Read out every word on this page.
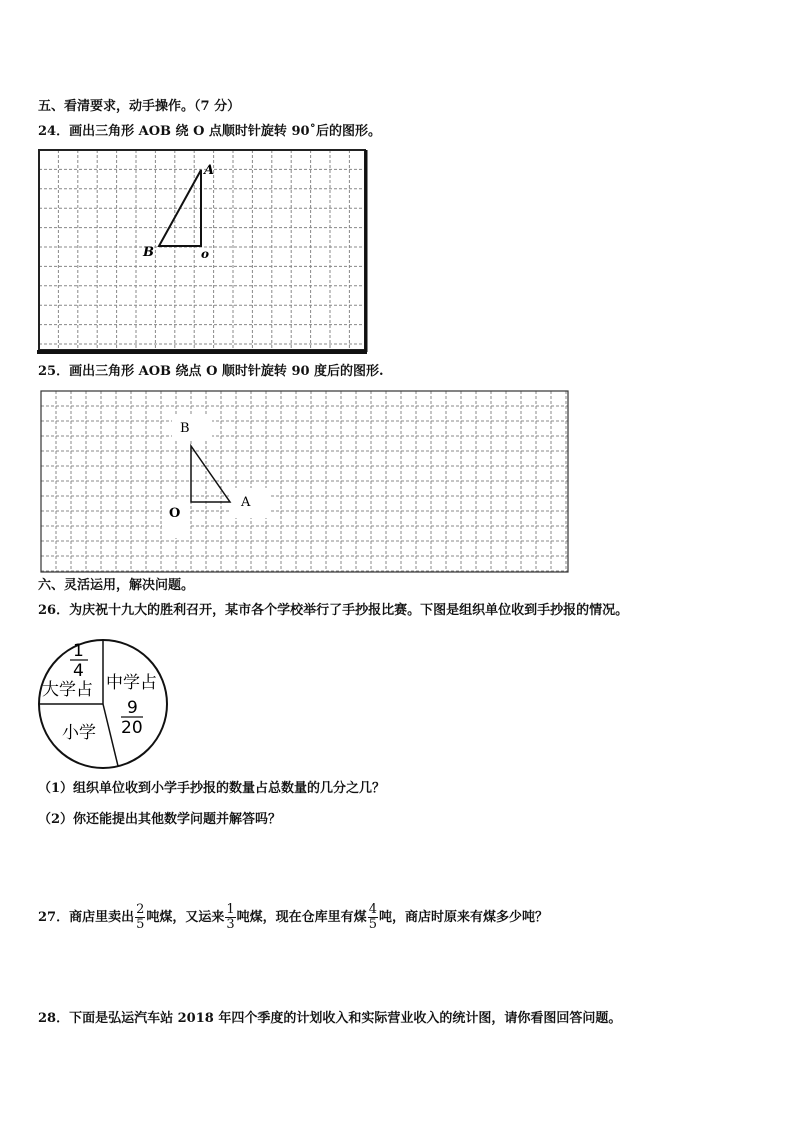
五、看清要求，动手操作。（7 分）
24．画出三角形 AOB 绕 O 点顺时针旋转 90˚后的图形。
A
B	o
25．画出三角形 AOB 绕点 O 顺时针旋转 90 度后的图形.
B
A
O
六、灵活运用，解决问题。
26．为庆祝十九大的胜利召开，某市各个学校举行了手抄报比赛。下图是组织单位收到手抄报的情况。
1
4
大学占 中学占
9
20
小学
（1）组织单位收到小学手抄报的数量占总数量的几分之几？
（2）你还能提出其他数学问题并解答吗？
27．商店里卖出 $\frac{2}{5}$ 吨煤，又运来 $\frac{1}{3}$ 吨煤，现在仓库里有煤 $\frac{4}{5}$ 吨，商店时原来有煤多少吨？
28．下面是弘运汽车站 2018 年四个季度的计划收入和实际营业收入的统计图，请你看图回答问题。
